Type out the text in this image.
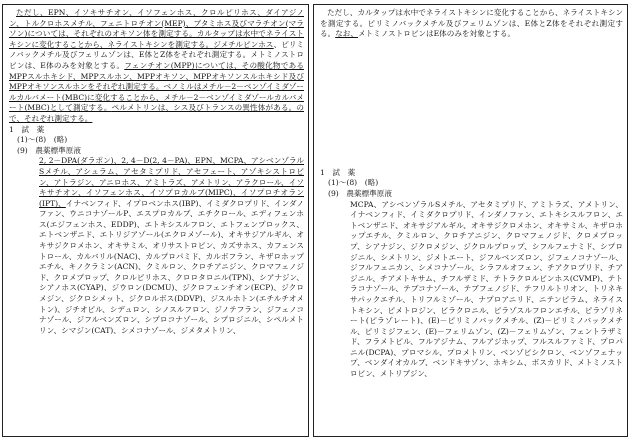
ただし、EPN、イソキサチオン、イソフェンホス、クロルピリホス、ダイアジノン、トルクロホスメチル、フェニトロチオン(MEP)、ブタミホス及びマラチオン(マラソン)については、それぞれのオキソン体を測定する。カルタップは水中でネライストキシンに変化することから、ネライストキシンを測定する。ジメチルピンホス、ピリミノバックメチル及びフェリムゾンは、E体とZ体をそれぞれ測定する。メトミノストロビンは、E体のみを対象とする。フェンチオン(MPP)については、その酸化物であるMPPスルホキシド、MPPスルホン、MPPオキソン、MPPオキソンスルホキシド及びMPPオキソンスルホンをそれぞれ測定する。ベノミルはメチル－2－ベンゾイミダゾールカルバメート(MBC)に変化することから、メチル－2－ベンゾイミダゾールカルバメート(MBC)として測定する。ペルメトリンは、シス及びトランスの異性体がある。ので、それぞれ測定する。

1　試　薬

(1)～(8)　(略)

(9)　農薬標準原液

2, 2－DPA(ダラポン)、2, 4－D(2, 4－PA)、EPN、MCPA、アシベンゾラルSメチル、アシュラム、アセタミプリド、アセフェート、アゾキシストロビン、アトラジン、アニロホス、アミトラズ、アメトリン、アラクロール、イソキサチオン、イソフェンホス、イソプロカルブ(MIPC)、イソプロチオラン(IPT)、イナベンフィド、イプロベンホス(IBP)、イミダクロプリド、インダノファン、ウニコナゾールP、エスプロカルブ、エチクロール、エディフェンホス(エジフェンホス、EDDP)、エトキシスルフロン、エトフェンプロックス、エトベンザニド、エトリジアゾール(エクロメゾール)、オキサジアルギル、オキサジクロメホン、オキサミル、オリサストロビン、カズサホス、カフェンストロール、カルバリル(NAC)、カルプロパミド、カルボフラン、キザロホップエチル、キノクラミン(ACN)、クミルロン、クロチアニジン、クロマフェノジド、クロメプロップ、クロルピリホス、クロロタロニル(TPN)、シアナジン、シアノホス(CYAP)、ジウロン(DCMU)、ジクロフェンチオン(ECP)、ジクロメジン、ジクロシメット、ジクロルボス(DDVP)、ジスルホトン(エチルチオメトン)、ジチオピル、シデュロン、シノスルフロン、ジノテフラン、ジフェノコナゾール、ジフルベンズロン、シプロコナゾール、シプロジニル、シペルメトリン、シマジン(CAT)、シメコナゾール、ジメタメトリン、

ただし、カルタップは水中でネライストキシンに変化することから、ネライストキシンを測定する。ピリミノバックメチル及びフェリムゾンは、E体とZ体をそれぞれ測定する。なお、メトミノストロビンはE体のみを対象とする。

1　試　薬

(1)～(8)　(略)

(9)　農薬標準原液

MCPA、アシベンゾラルSメチル、アセタミプリド、アミトラズ、アメトリン、イナベンフィド、イミダクロプリド、インダノファン、エトキシスルフロン、エトベンザニド、オキサジアルギル、オキサジクロメホン、オキサミル、キザロホップエチル、クミルロン、クロチアニジン、クロマフェノジド、クロメプロップ、シアナジン、ジクロメジン、ジクロルプロップ、シフルフェナミド、シプロジニル、シメトリン、ジメトエート、ジフルベンズロン、ジフェノコナゾール、ジフルフェニカン、シメコナゾール、シラフルオフェン、チアクロプリド、チアジニル、チアメトキサム、チフルザミド、テトラクロルビンホス(CVMP)、テトラコナゾール、テブコナゾール、テブフェノジド、テフリルトリオン、トリネキサパックエチル、トリフルミゾール、ナプロアニリド、ニテンピラム、ネライストキシン、ピメトロジン、ビラクロニル、ピラゾスルフロンエチル、ピラゾリネート(ピラゾレート)、(E)－ピリミノバックメチル、(Z)－ピリミノバックメチル、ピリミジフェン、(E)－フェリムゾン、(Z)－フェリムゾン、フェントラザミド、フラメトピル、フルアジナム、フルアジホップ、フルスルファミド、プロパニル(DCPA)、プロマシル、プロメトリン、ベンゾビシクロン、ベンゾフェナップ、ベンダイオカルブ、ベンドキサゾン、ホキシム、ボスカリド、メトミノストロビン、メトリブジン、
